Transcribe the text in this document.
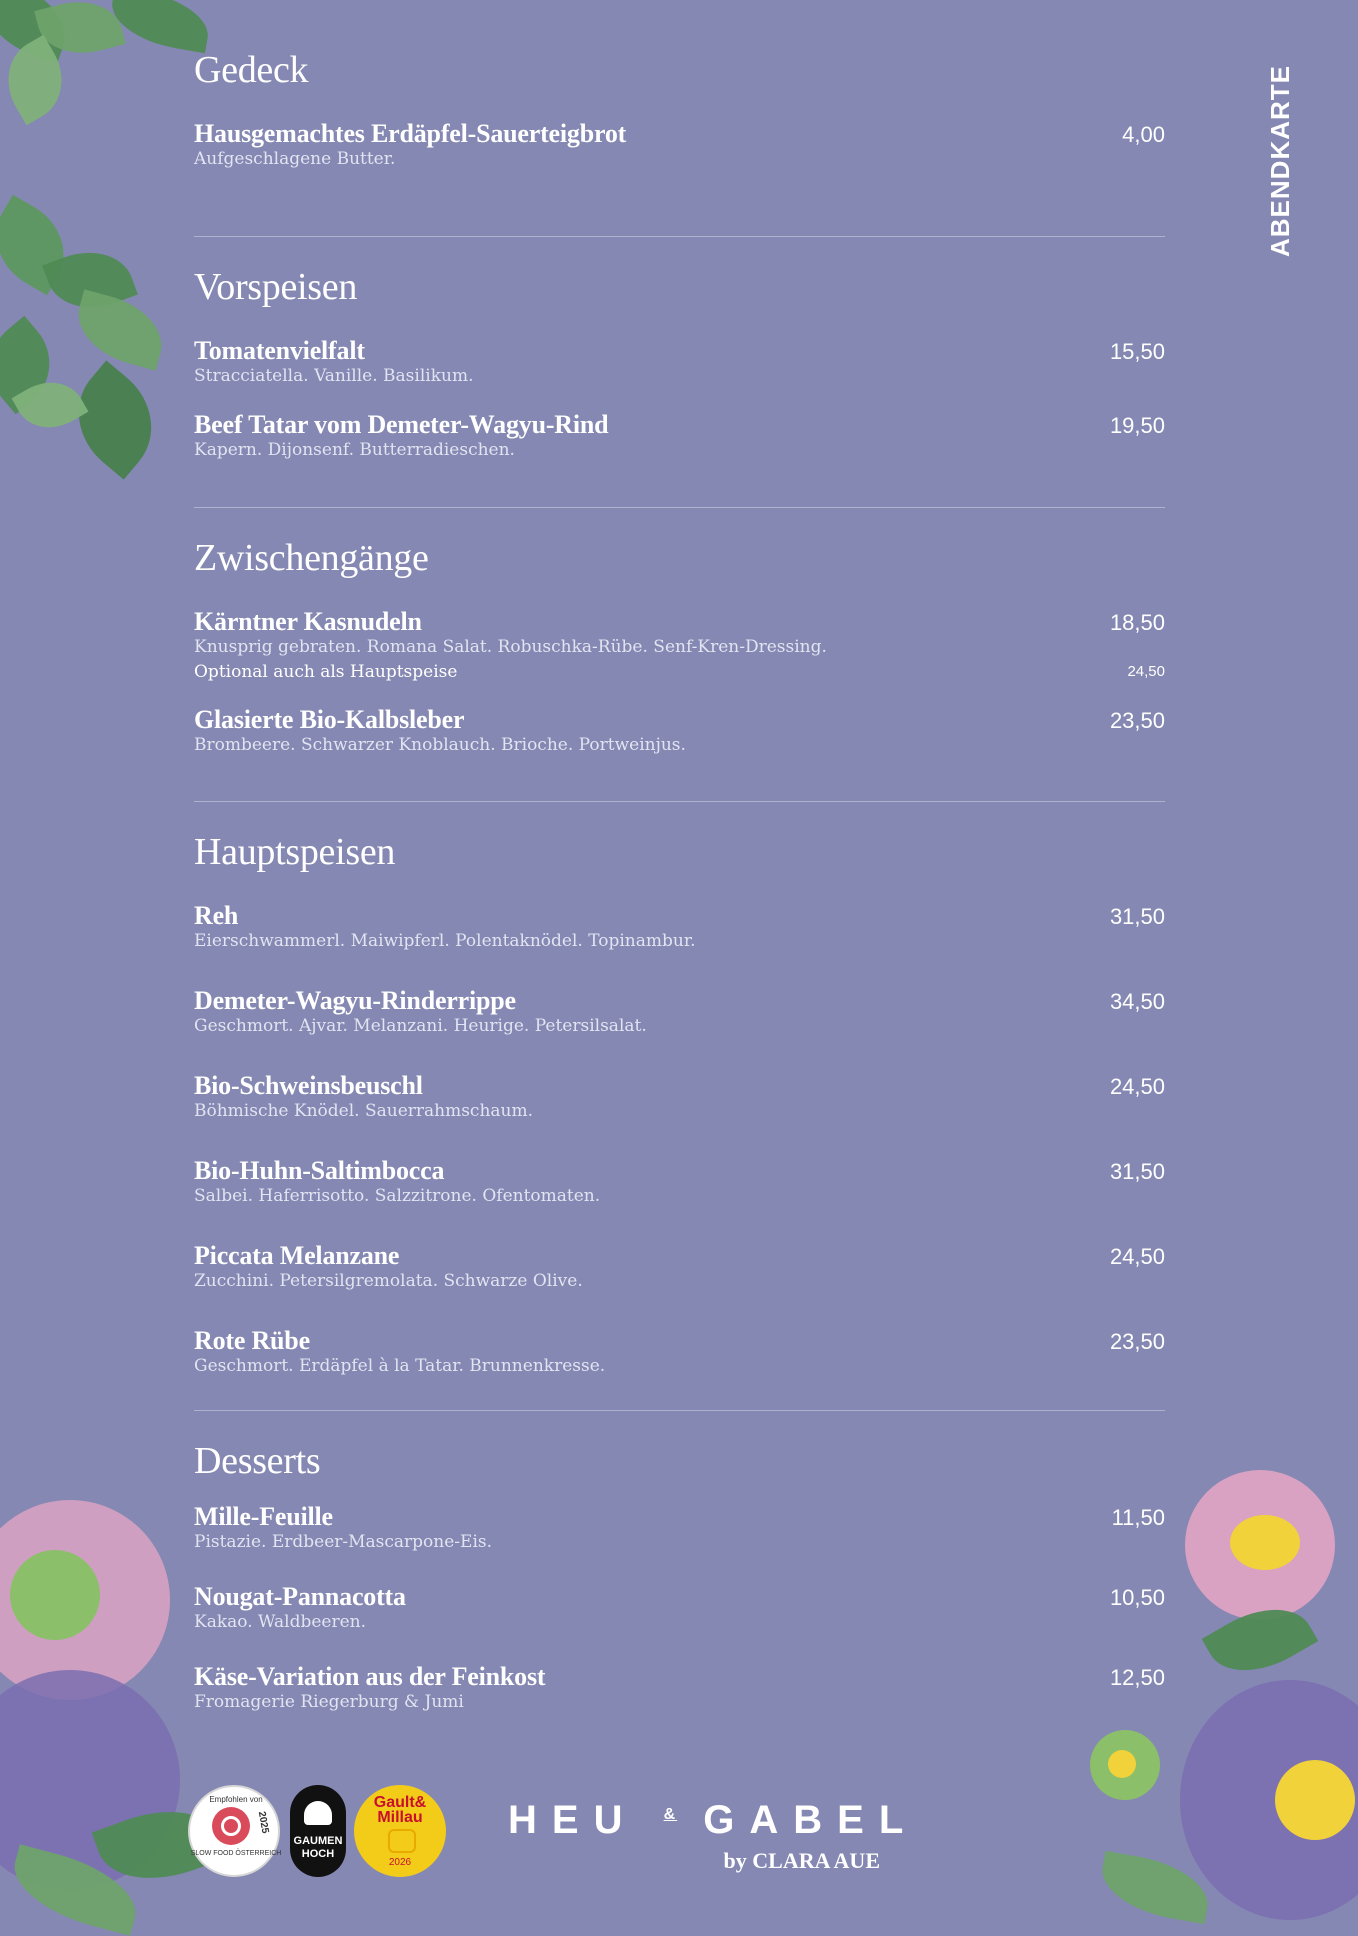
ABENDKARTE
Gedeck
Hausgemachtes Erdäpfel-Sauerteigbrot
Aufgeschlagene Butter.
4,00
Vorspeisen
Tomatenvielfalt
Stracciatella. Vanille. Basilikum.
15,50
Beef Tatar vom Demeter-Wagyu-Rind
Kapern. Dijonsenf. Butterradieschen.
19,50
Zwischengänge
Kärntner Kasnudeln
Knusprig gebraten. Romana Salat. Robuschka-Rübe. Senf-Kren-Dressing.
18,50
Optional auch als Hauptspeise	24,50
Glasierte Bio-Kalbsleber
Brombeere. Schwarzer Knoblauch. Brioche. Portweinjus.
23,50
Hauptspeisen
Reh
Eierschwammerl. Maiwipferl. Polentaknödel. Topinambur.
31,50
Demeter-Wagyu-Rinderrippe
Geschmort. Ajvar. Melanzani. Heurige. Petersilsalat.
34,50
Bio-Schweinsbeuschl
Böhmische Knödel. Sauerrahmschaum.
24,50
Bio-Huhn-Saltimbocca
Salbei. Haferrisotto. Salzzitrone. Ofentomaten.
31,50
Piccata Melanzane
Zucchini. Petersilgremolata. Schwarze Olive.
24,50
Rote Rübe
Geschmort. Erdäpfel à la Tatar. Brunnenkresse.
23,50
Desserts
Mille-Feuille
Pistazie. Erdbeer-Mascarpone-Eis.
11,50
Nougat-Pannacotta
Kakao. Waldbeeren.
10,50
Käse-Variation aus der Feinkost
Fromagerie Riegerburg & Jumi
12,50
Empfohlen von
2025
SLOW FOOD ÖSTERREICH
GAUMEN HOCH
Gault& Millau
2026
HEU & GABEL
by CLARA AUE
